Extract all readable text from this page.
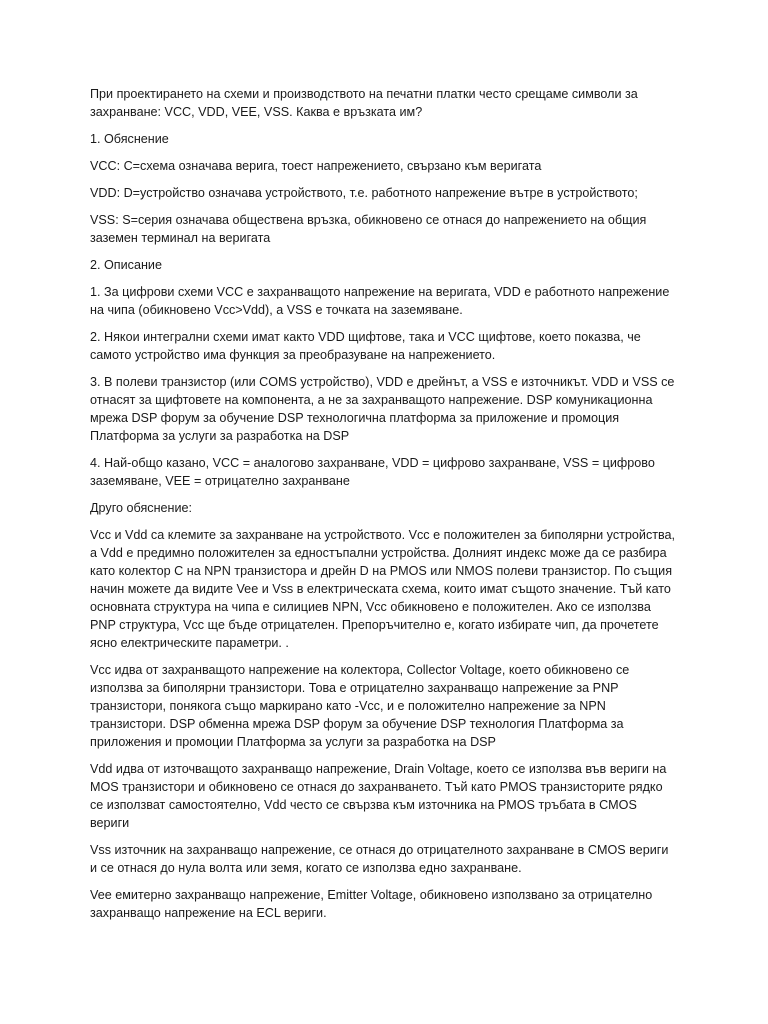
При проектирането на схеми и производството на печатни платки често срещаме символи за захранване: VCC, VDD, VEE, VSS. Каква е връзката им?

1. Обяснение

VCC: C=схема означава верига, тоест напрежението, свързано към веригата

VDD: D=устройство означава устройството, т.е. работното напрежение вътре в устройството;

VSS: S=серия означава обществена връзка, обикновено се отнася до напрежението на общия заземен терминал на веригата

2. Описание

1. За цифрови схеми VCC е захранващото напрежение на веригата, VDD е работното напрежение на чипа (обикновено Vcc>Vdd), а VSS е точката на заземяване.

2. Някои интегрални схеми имат както VDD щифтове, така и VCC щифтове, което показва, че самото устройство има функция за преобразуване на напрежението.

3. В полеви транзистор (или COMS устройство), VDD е дрейнът, а VSS е източникът. VDD и VSS се отнасят за щифтовете на компонента, а не за захранващото напрежение. DSP комуникационна мрежа DSP форум за обучение DSP технологична платформа за приложение и промоция Платформа за услуги за разработка на DSP

4. Най-общо казано, VCC = аналогово захранване, VDD = цифрово захранване, VSS = цифрово заземяване, VEE = отрицателно захранване

Друго обяснение:

Vcc и Vdd са клемите за захранване на устройството. Vcc е положителен за биполярни устройства, а Vdd е предимно положителен за едностъпални устройства. Долният индекс може да се разбира като колектор C на NPN транзистора и дрейн D на PMOS или NMOS полеви транзистор. По същия начин можете да видите Vee и Vss в електрическата схема, които имат същото значение. Тъй като основната структура на чипа е силициев NPN, Vcc обикновено е положителен. Ако се използва PNP структура, Vcc ще бъде отрицателен. Препоръчително е, когато избирате чип, да прочетете ясно електрическите параметри. .

Vcc идва от захранващото напрежение на колектора, Collector Voltage, което обикновено се използва за биполярни транзистори. Това е отрицателно захранващо напрежение за PNP транзистори, понякога също маркирано като -Vcc, и е положително напрежение за NPN транзистори. DSP обменна мрежа DSP форум за обучение DSP технология Платформа за приложения и промоции Платформа за услуги за разработка на DSP

Vdd идва от източващото захранващо напрежение, Drain Voltage, което се използва във вериги на MOS транзистори и обикновено се отнася до захранването. Тъй като PMOS транзисторите рядко се използват самостоятелно, Vdd често се свързва към източника на PMOS тръбата в CMOS вериги

Vss източник на захранващо напрежение, се отнася до отрицателното захранване в CMOS вериги и се отнася до нула волта или земя, когато се използва едно захранване.

Vee емитерно захранващо напрежение, Emitter Voltage, обикновено използвано за отрицателно захранващо напрежение на ECL вериги.
